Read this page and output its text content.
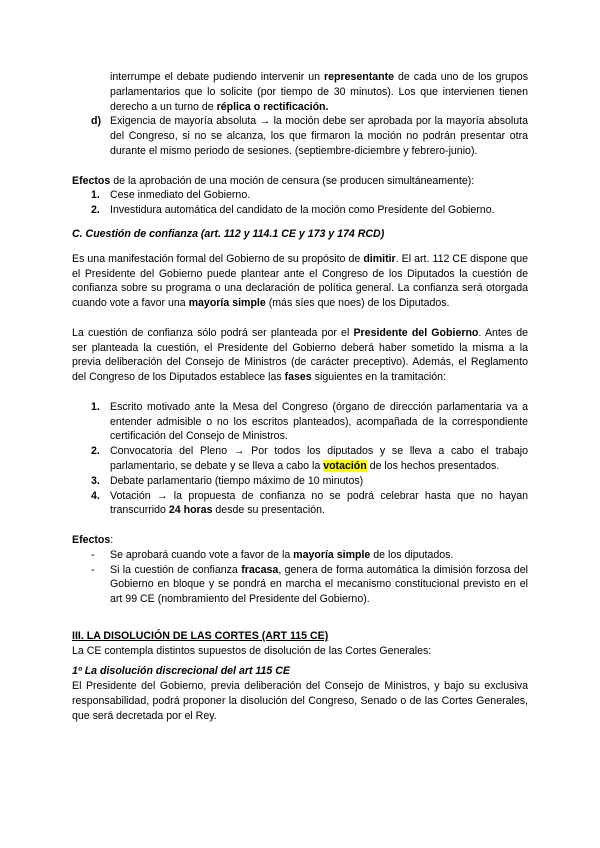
interrumpe el debate pudiendo intervenir un representante de cada uno de los grupos parlamentarios que lo solicite (por tiempo de 30 minutos). Los que intervienen tienen derecho a un turno de réplica o rectificación.

d) Exigencia de mayoría absoluta → la moción debe ser aprobada por la mayoría absoluta del Congreso, si no se alcanza, los que firmaron la moción no podrán presentar otra durante el mismo periodo de sesiones. (septiembre-diciembre y febrero-junio).

Efectos de la aprobación de una moción de censura (se producen simultáneamente):

1. Cese inmediato del Gobierno.
2. Investidura automática del candidato de la moción como Presidente del Gobierno.

C. Cuestión de confianza (art. 112 y 114.1 CE y 173 y 174 RCD)

Es una manifestación formal del Gobierno de su propósito de dimitir. El art. 112 CE dispone que el Presidente del Gobierno puede plantear ante el Congreso de los Diputados la cuestión de confianza sobre su programa o una declaración de política general. La confianza será otorgada cuando vote a favor una mayoría simple (más síes que noes) de los Diputados.

La cuestión de confianza sólo podrá ser planteada por el Presidente del Gobierno. Antes de ser planteada la cuestión, el Presidente del Gobierno deberá haber sometido la misma a la previa deliberación del Consejo de Ministros (de carácter preceptivo). Además, el Reglamento del Congreso de los Diputados establece las fases siguientes en la tramitación:

1. Escrito motivado ante la Mesa del Congreso (órgano de dirección parlamentaria va a entender admisible o no los escritos planteados), acompañada de la correspondiente certificación del Consejo de Ministros.
2. Convocatoria del Pleno → Por todos los diputados y se lleva a cabo el trabajo parlamentario, se debate y se lleva a cabo la votación de los hechos presentados.
3. Debate parlamentario (tiempo máximo de 10 minutos)
4. Votación → la propuesta de confianza no se podrá celebrar hasta que no hayan transcurrido 24 horas desde su presentación.

Efectos:

-	Se aprobará cuando vote a favor de la mayoría simple de los diputados.
-	Si la cuestión de confianza fracasa, genera de forma automática la dimisión forzosa del Gobierno en bloque y se pondrá en marcha el mecanismo constitucional previsto en el art 99 CE (nombramiento del Presidente del Gobierno).

III. LA DISOLUCIÓN DE LAS CORTES (ART 115 CE)

La CE contempla distintos supuestos de disolución de las Cortes Generales:

1º La disolución discrecional del art 115 CE

El Presidente del Gobierno, previa deliberación del Consejo de Ministros, y bajo su exclusiva responsabilidad, podrá proponer la disolución del Congreso, Senado o de las Cortes Generales, que será decretada por el Rey.
